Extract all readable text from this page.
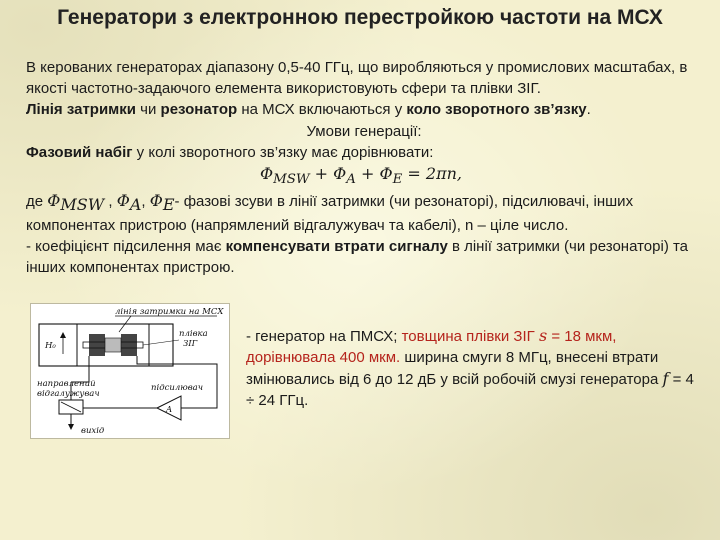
Генератори з електронною перестройкою частоти на МСХ

В керованих генераторах діапазону 0,5-40 ГГц, що виробляються у промислових масштабах, в якості частотно-задаючого елемента використовують сфери та плівки ЗІГ.

Лінія затримки чи резонатор на МСХ включаються у коло зворотного зв’язку.

Умови генерації:

Фазовий набіг у колі зворотного зв’язку має дорівнювати:

$\Phi_{MSW} + \Phi_A + \Phi_E = 2\pi n$,

де $\Phi_{MSW}$ , $\Phi_A$, $\Phi_E-$ фазові зсуви в лінії затримки (чи резонаторі), підсилювачі, інших компонентах пристрою (напрямлений відгалужувач та кабелі), n – ціле число.

- коефіцієнт підсилення має компенсувати втрати сигналу в лінії затримки (чи резонаторі) та інших компонентах пристрою.

лінія затримки на МСХ
H₀
плівка
ЗІГ
направлений
відгалужувач
вихід
підсилювач
A
- генератор на ПМСХ; товщина плівки ЗІГ s = 18 мкм, дорівнювала 400 мкм. ширина смуги 8 МГц, внесені втрати змінювались від 6 до 12 дБ у всій робочій смузі генератора f = 4 ÷ 24 ГГц.
